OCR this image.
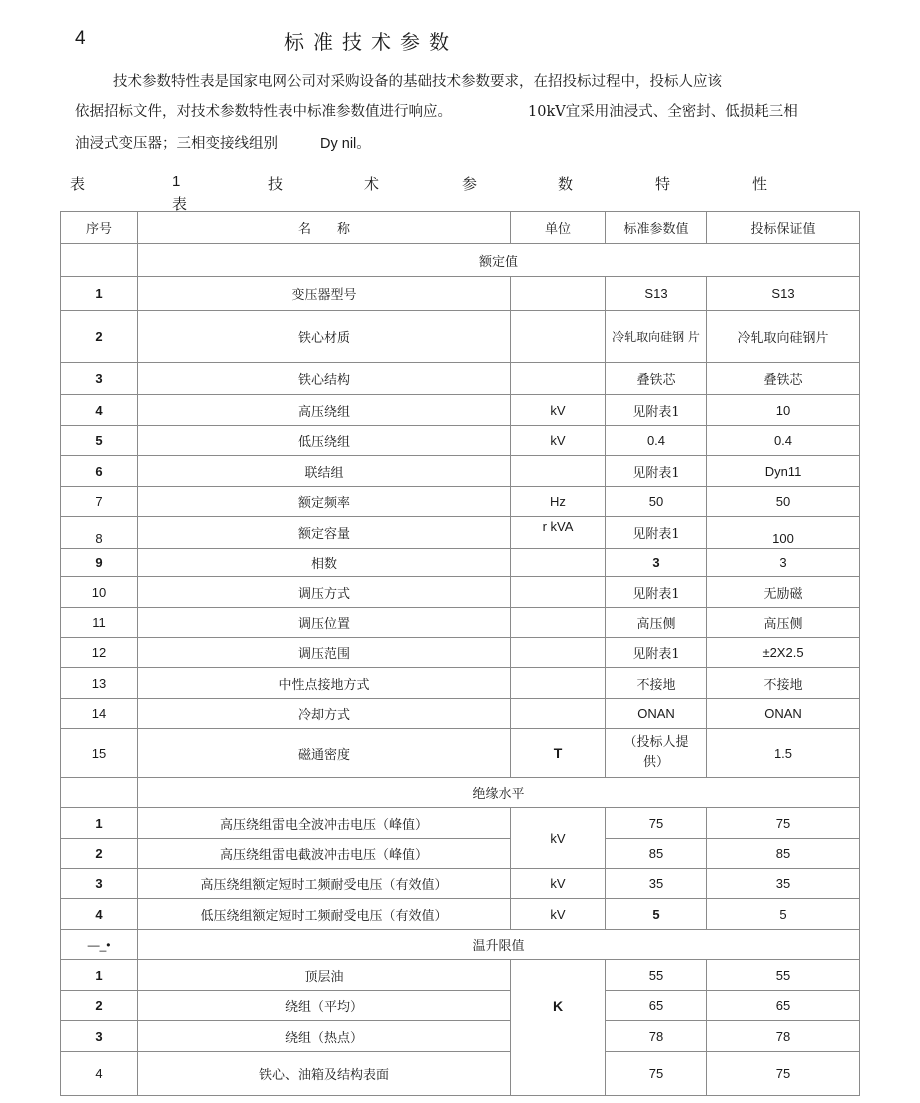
4	标准技术参数
技术参数特性表是国家电网公司对采购设备的基础技术参数要求，在招投标过程中，投标人应该
依据招标文件，对技术参数特性表中标准参数值进行响应。	10kV宜采用油浸式、全密封、低损耗三相
油浸式变压器；三相变接线组别	Dy nil。
表	1	技	术	参	数	特	性
表
序号	名　　称	单位	标准参数值	投标保证值
	额定值			
1	变压器型号		S13	S13
2	铁心材质		冷轧取向硅钢 片	冷轧取向硅钢片
3	铁心结构		叠铁芯	叠铁芯
4	高压绕组	kV	见附表1	10
5	低压绕组	kV	0.4	0.4
6	联结组		见附表1	Dyn11
7	额定频率	Hz	50	50

8	额定容量	r kVA	见附表1	100

9	相数		3	3
10	调压方式		见附表1	无励磁
11	调压位置		高压侧	高压侧
12	调压范围		见附表1	±2X2.5
13	中性点接地方式		不接地	不接地
14	冷却方式		ONAN	ONAN
15	磁通密度	T	（投标人提
供）	1.5
	绝缘水平			
1	高压绕组雷电全波冲击电压（峰值）	kV	75	75
2	高压绕组雷电截波冲击电压（峰值）		85	85
3	高压绕组额定短时工频耐受电压（有效值）	kV	35	35
4	低压绕组额定短时工频耐受电压（有效值）	kV	5	5
—_•	温升限值			
1	顶层油	K	55	55
2	绕组（平均）		65	65
3	绕组（热点）		78	78
4	铁心、油箱及结构表面		75	75
